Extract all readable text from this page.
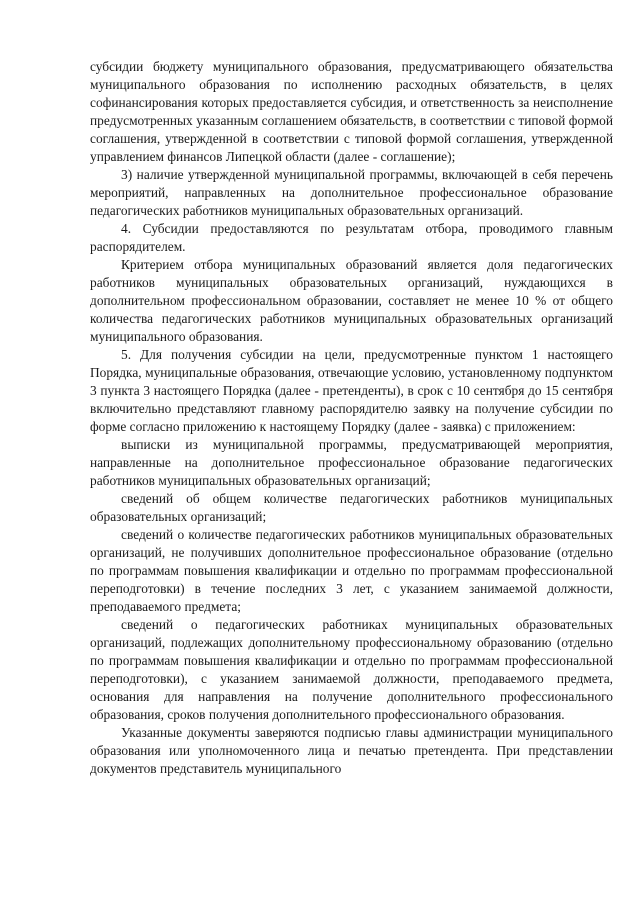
субсидии бюджету муниципального образования, предусматривающего обязательства муниципального образования по исполнению расходных обязательств, в целях софинансирования которых предоставляется субсидия, и ответственность за неисполнение предусмотренных указанным соглашением обязательств, в соответствии с типовой формой соглашения, утвержденной в соответствии с типовой формой соглашения, утвержденной управлением финансов Липецкой области (далее - соглашение);

3) наличие утвержденной муниципальной программы, включающей в себя перечень мероприятий, направленных на дополнительное профессиональное образование педагогических работников муниципальных образовательных организаций.

4. Субсидии предоставляются по результатам отбора, проводимого главным распорядителем.

Критерием отбора муниципальных образований является доля педагогических работников муниципальных образовательных организаций, нуждающихся в дополнительном профессиональном образовании, составляет не менее 10 % от общего количества педагогических работников муниципальных образовательных организаций муниципального образования.

5. Для получения субсидии на цели, предусмотренные пунктом 1 настоящего Порядка, муниципальные образования, отвечающие условию, установленному подпунктом 3 пункта 3 настоящего Порядка (далее - претенденты), в срок с 10 сентября до 15 сентября включительно представляют главному распорядителю заявку на получение субсидии по форме согласно приложению к настоящему Порядку (далее - заявка) с приложением:

выписки из муниципальной программы, предусматривающей мероприятия, направленные на дополнительное профессиональное образование педагогических работников муниципальных образовательных организаций;

сведений об общем количестве педагогических работников муниципальных образовательных организаций;

сведений о количестве педагогических работников муниципальных образовательных организаций, не получивших дополнительное профессиональное образование (отдельно по программам повышения квалификации и отдельно по программам профессиональной переподготовки) в течение последних 3 лет, с указанием занимаемой должности, преподаваемого предмета;

сведений о педагогических работниках муниципальных образовательных организаций, подлежащих дополнительному профессиональному образованию (отдельно по программам повышения квалификации и отдельно по программам профессиональной переподготовки), с указанием занимаемой должности, преподаваемого предмета, основания для направления на получение дополнительного профессионального образования, сроков получения дополнительного профессионального образования.

Указанные документы заверяются подписью главы администрации муниципального образования или уполномоченного лица и печатью претендента. При представлении документов представитель муниципального
